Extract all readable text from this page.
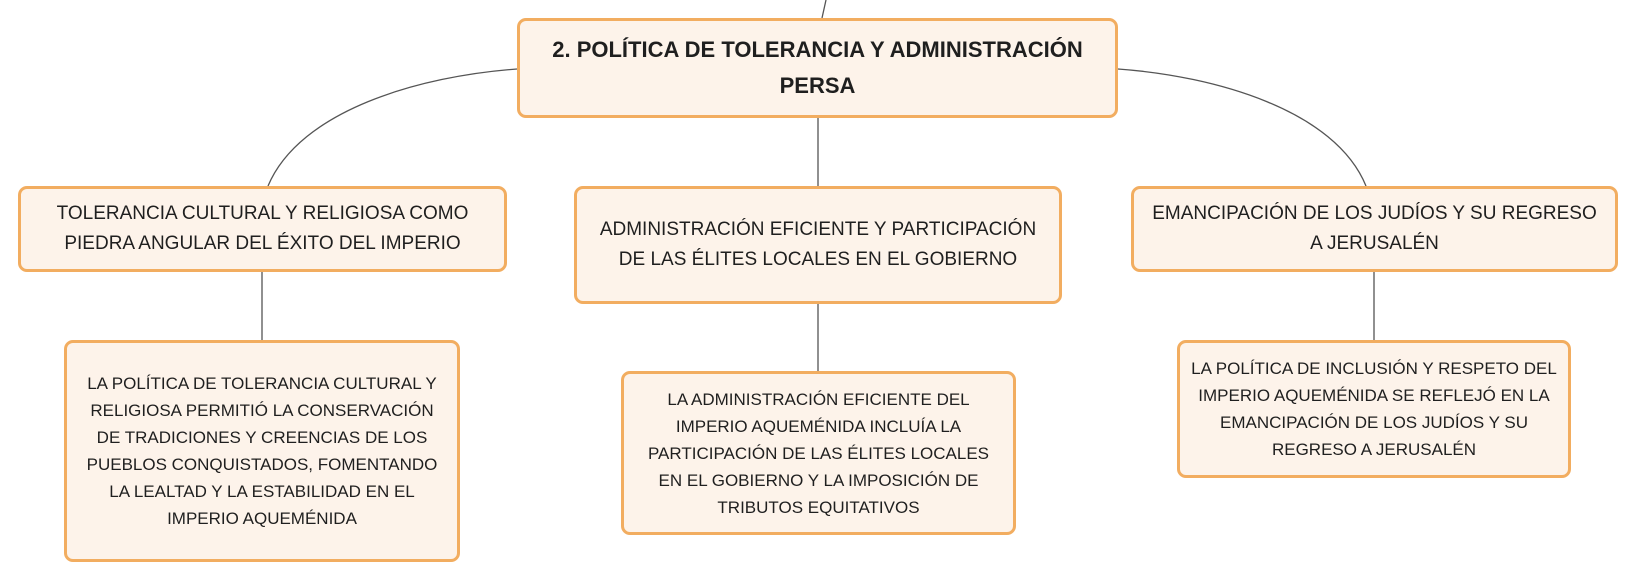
2. POLÍTICA DE TOLERANCIA Y ADMINISTRACIÓN PERSA
TOLERANCIA CULTURAL Y RELIGIOSA COMO PIEDRA ANGULAR DEL ÉXITO DEL IMPERIO
ADMINISTRACIÓN EFICIENTE Y PARTICIPACIÓN DE LAS ÉLITES LOCALES EN EL GOBIERNO
EMANCIPACIÓN DE LOS JUDÍOS Y SU REGRESO A JERUSALÉN
LA POLÍTICA DE TOLERANCIA CULTURAL Y RELIGIOSA PERMITIÓ LA CONSERVACIÓN DE TRADICIONES Y CREENCIAS DE LOS PUEBLOS CONQUISTADOS, FOMENTANDO LA LEALTAD Y LA ESTABILIDAD EN EL IMPERIO AQUEMÉNIDA
LA ADMINISTRACIÓN EFICIENTE DEL IMPERIO AQUEMÉNIDA INCLUÍA LA PARTICIPACIÓN DE LAS ÉLITES LOCALES EN EL GOBIERNO Y LA IMPOSICIÓN DE TRIBUTOS EQUITATIVOS
LA POLÍTICA DE INCLUSIÓN Y RESPETO DEL IMPERIO AQUEMÉNIDA SE REFLEJÓ EN LA EMANCIPACIÓN DE LOS JUDÍOS Y SU REGRESO A JERUSALÉN
